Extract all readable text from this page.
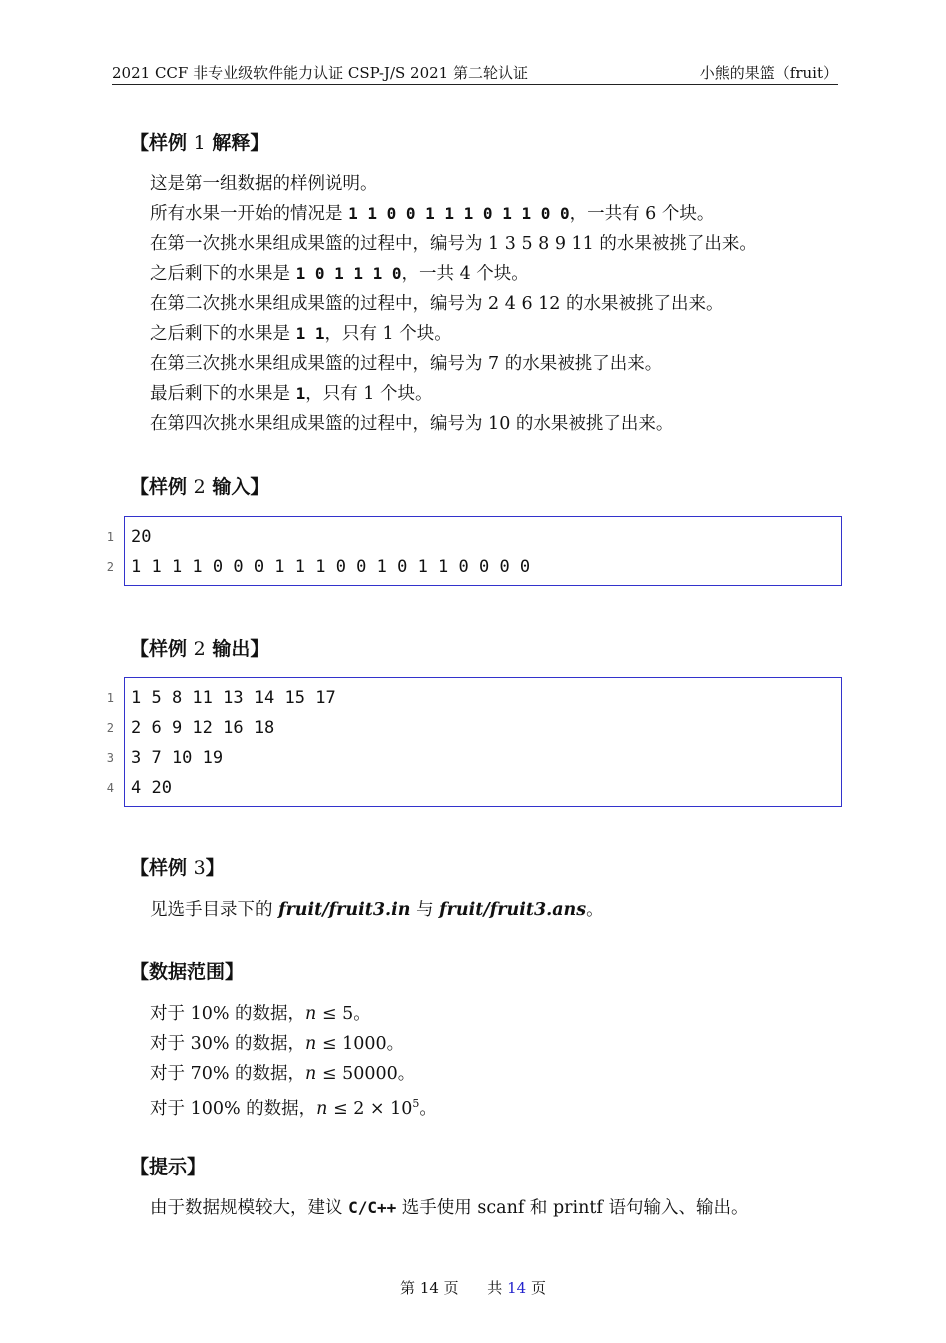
2021 CCF 非专业级软件能力认证 CSP-J/S 2021 第二轮认证	小熊的果篮（fruit）
【样例 1 解释】
这是第一组数据的样例说明。
所有水果一开始的情况是 1 1 0 0 1 1 1 0 1 1 0 0，一共有 6 个块。
在第一次挑水果组成果篮的过程中，编号为 1 3 5 8 9 11 的水果被挑了出来。
之后剩下的水果是 1 0 1 1 1 0，一共 4 个块。
在第二次挑水果组成果篮的过程中，编号为 2 4 6 12 的水果被挑了出来。
之后剩下的水果是 1 1，只有 1 个块。
在第三次挑水果组成果篮的过程中，编号为 7 的水果被挑了出来。
最后剩下的水果是 1，只有 1 个块。
在第四次挑水果组成果篮的过程中，编号为 10 的水果被挑了出来。
【样例 2 输入】
1
2
20
1 1 1 1 0 0 0 1 1 1 0 0 1 0 1 1 0 0 0 0
【样例 2 输出】
1
2
3
4
1 5 8 11 13 14 15 17
2 6 9 12 16 18
3 7 10 19
4 20
【样例 3】
见选手目录下的 fruit/fruit3.in 与 fruit/fruit3.ans。
【数据范围】
对于 10% 的数据，n ≤ 5。
对于 30% 的数据，n ≤ 1000。
对于 70% 的数据，n ≤ 50000。
对于 100% 的数据，$n \le 2 \times 10^5$。
【提示】
由于数据规模较大，建议 C/C++ 选手使用 scanf 和 printf 语句输入、输出。
第 14 页 共 14 页
